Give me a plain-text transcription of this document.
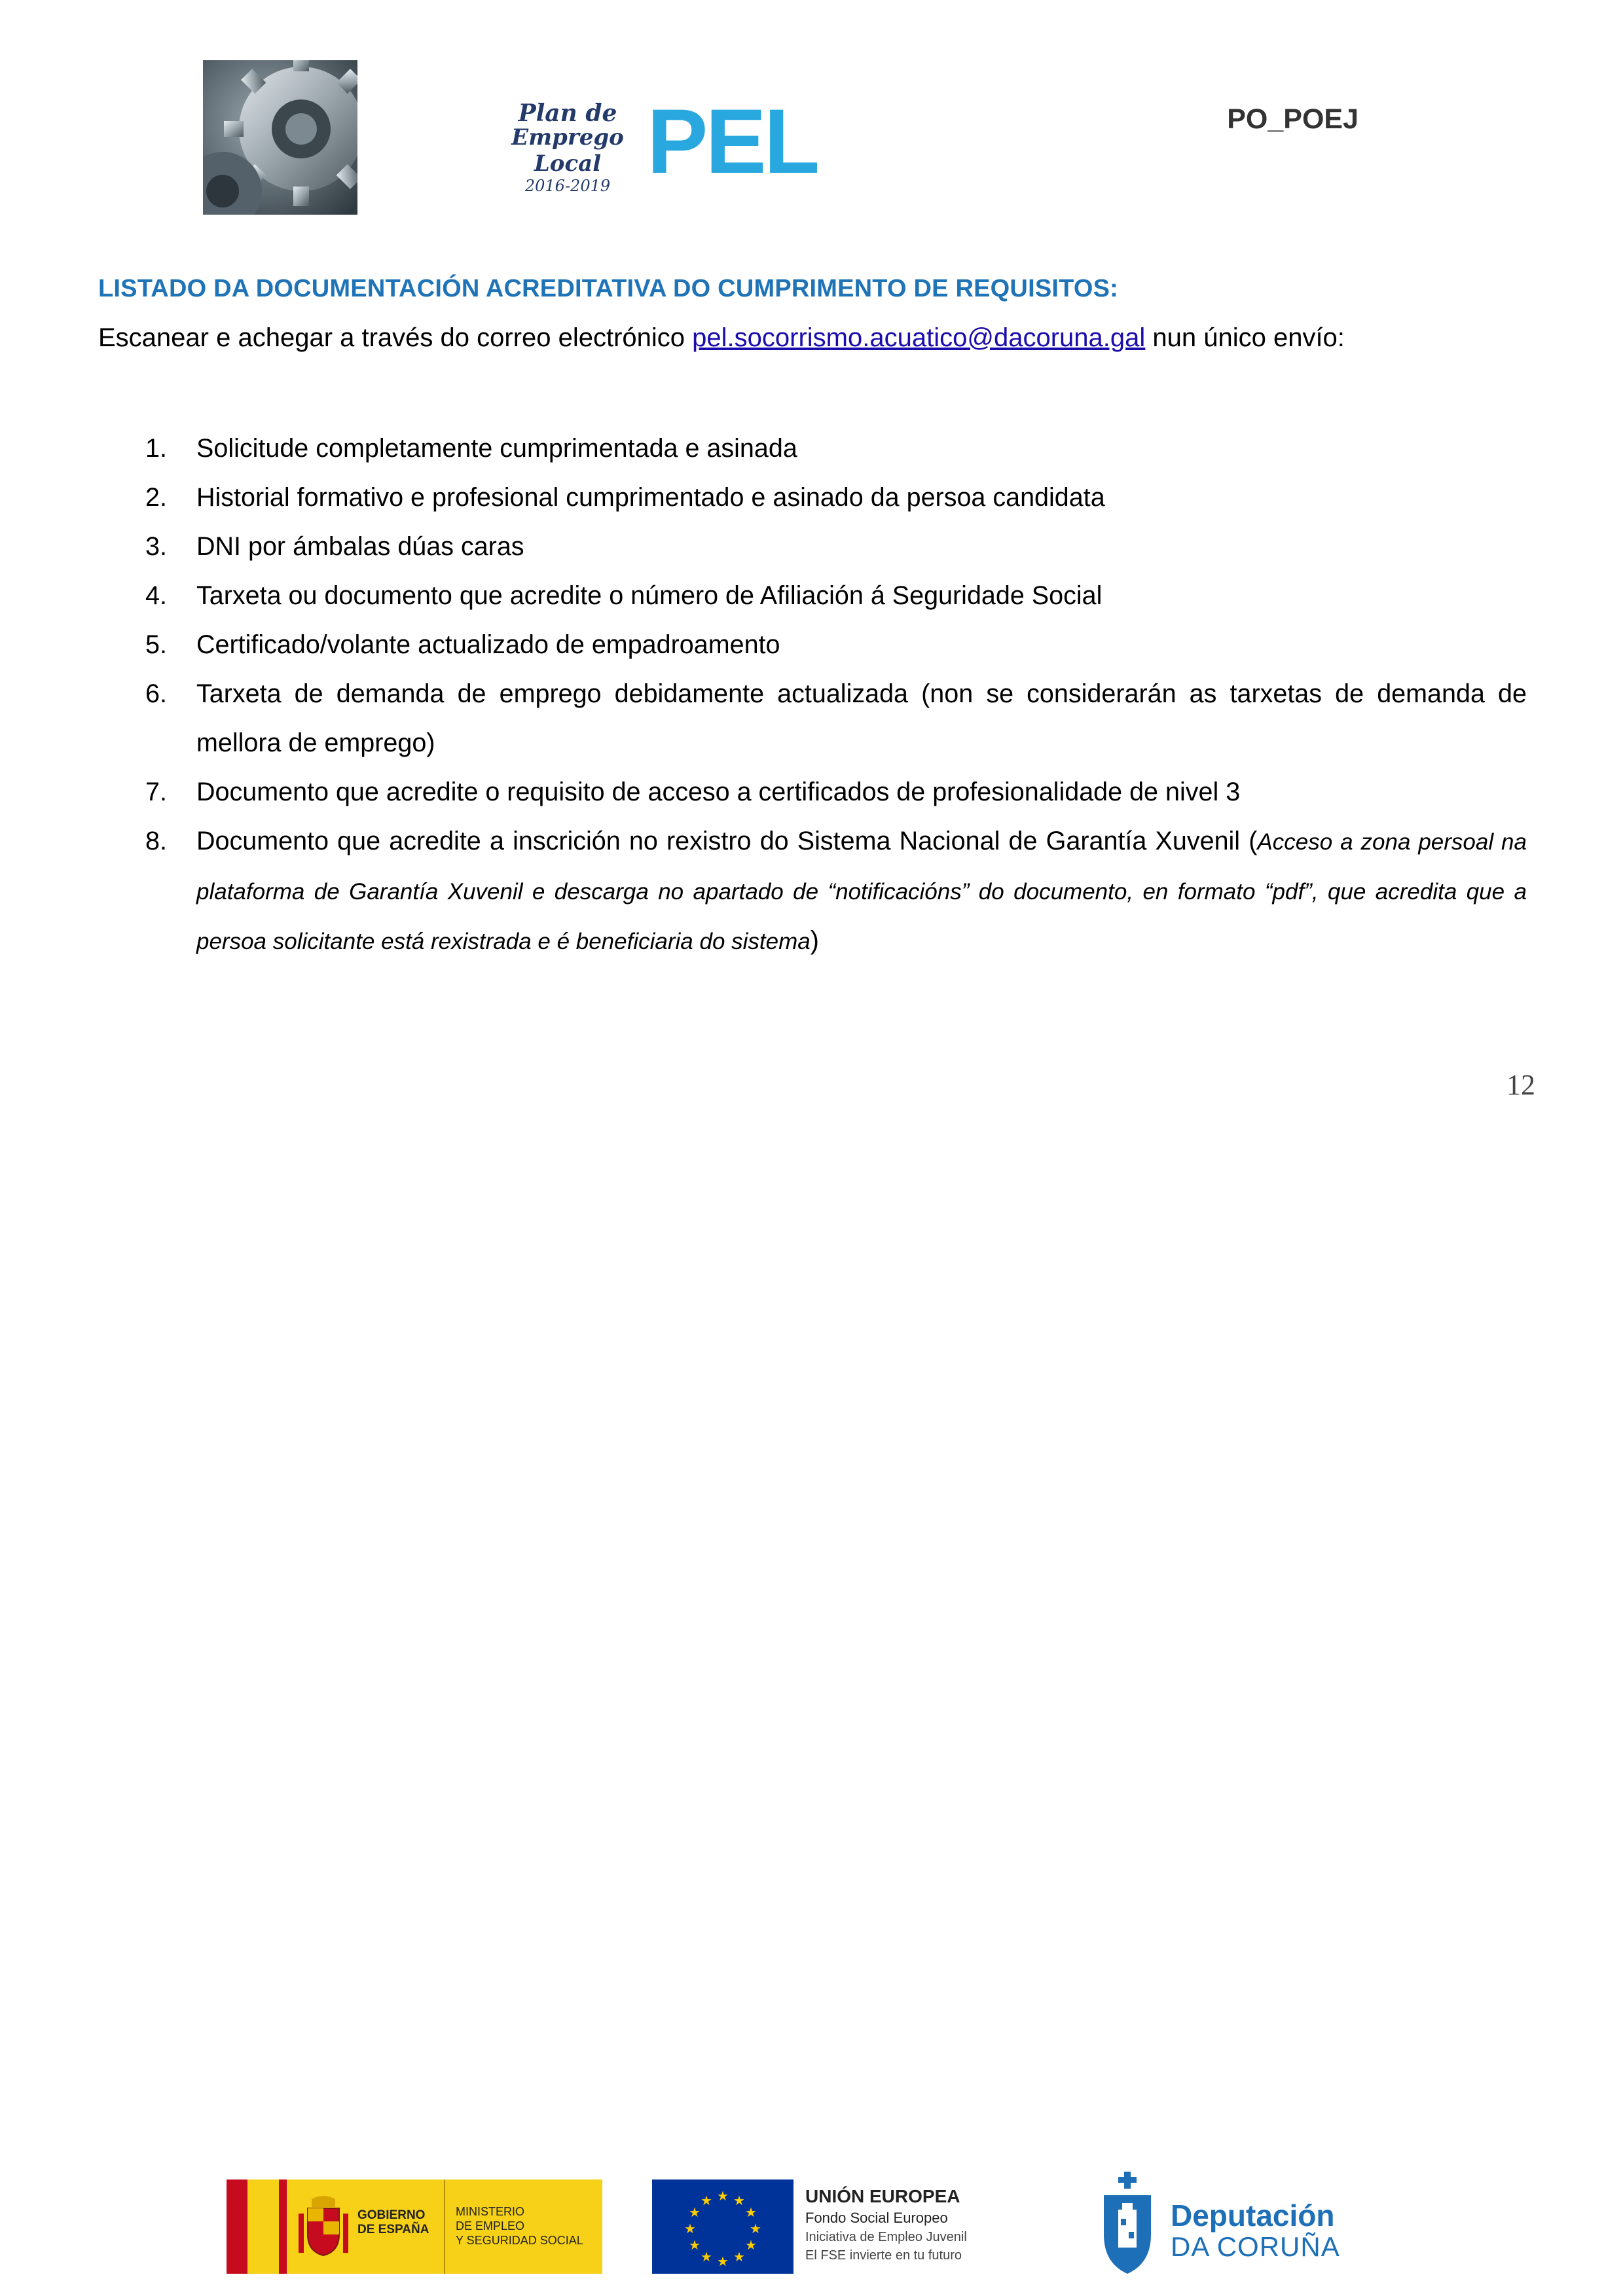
Plan de
Emprego Local
2016-2019 PEL	PO_POEJ
LISTADO DA DOCUMENTACIÓN ACREDITATIVA DO CUMPRIMENTO DE REQUISITOS:
Escanear e achegar a través do correo electrónico pel.socorrismo.acuatico@dacoruna.gal nun único envío:
1. Solicitude completamente cumprimentada e asinada
2. Historial formativo e profesional cumprimentado e asinado da persoa candidata
3. DNI por ámbalas dúas caras
4. Tarxeta ou documento que acredite o número de Afiliación á Seguridade Social
5. Certificado/volante actualizado de empadroamento
6. Tarxeta de demanda de emprego debidamente actualizada (non se considerarán as tarxetas de demanda de mellora de emprego)
7. Documento que acredite o requisito de acceso a certificados de profesionalidade de nivel 3
8. Documento que acredite a inscrición no rexistro do Sistema Nacional de Garantía Xuvenil (Acceso a zona persoal na plataforma de Garantía Xuvenil e descarga no apartado de “notificacións” do documento, en formato “pdf”, que acredita que a persoa solicitante está rexistrada e é beneficiaria do sistema)
12
GOBIERNO
DE ESPAÑA
MINISTERIO
DE EMPLEO
Y SEGURIDAD SOCIAL
★ ★
★
★
★
★
★
★
★
★
★
★	UNIÓN EUROPEA
Fondo Social Europeo
Iniciativa de Empleo Juvenil
El FSE invierte en tu futuro
Deputación
DA CORUÑA
